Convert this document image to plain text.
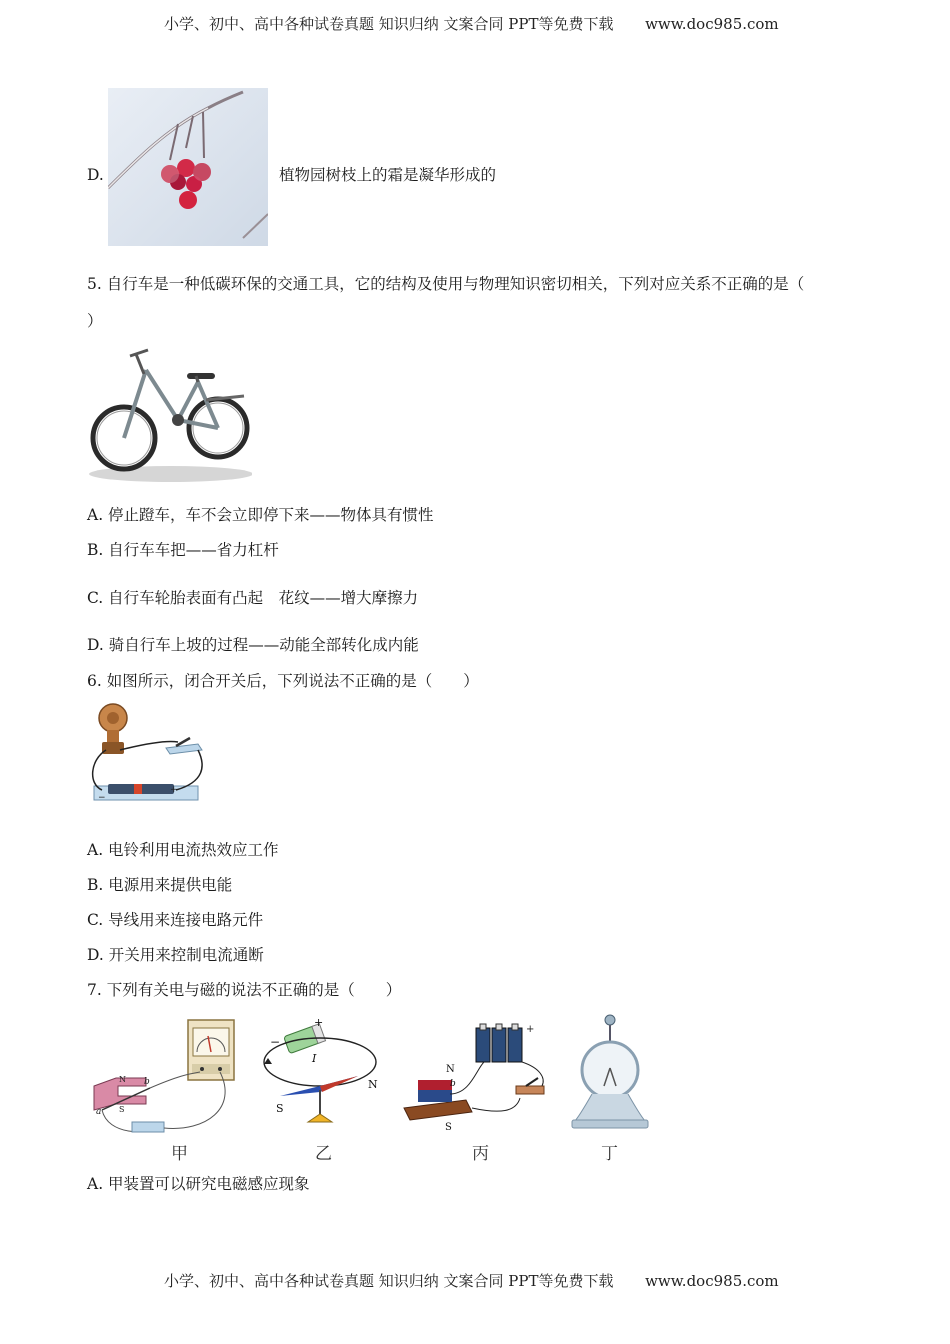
小学、初中、高中各种试卷真题 知识归纳 文案合同 PPT等免费下载 www.doc985.com
D.	植物园树枝上的霜是凝华形成的
5. 自行车是一种低碳环保的交通工具，它的结构及使用与物理知识密切相关，下列对应关系不正确的是（
）
A. 停止蹬车，车不会立即停下来——物体具有惯性
B. 自行车车把——省力杠杆
C. 自行车轮胎表面有凸起　花纹——增大摩擦力
D. 骑自行车上坡的过程——动能全部转化成内能
6. 如图所示，闭合开关后，下列说法不正确的是（　　）
−
+
A. 电铃利用电流热效应工作
B. 电源用来提供电能
C. 导线用来连接电路元件
D. 开关用来控制电流通断
7. 下列有关电与磁的说法不正确的是（　　）
N
S
a
b
+
−
I
S
N
+
N
b
S
甲	乙	丙	丁
A. 甲装置可以研究电磁感应现象
小学、初中、高中各种试卷真题 知识归纳 文案合同 PPT等免费下载 www.doc985.com
